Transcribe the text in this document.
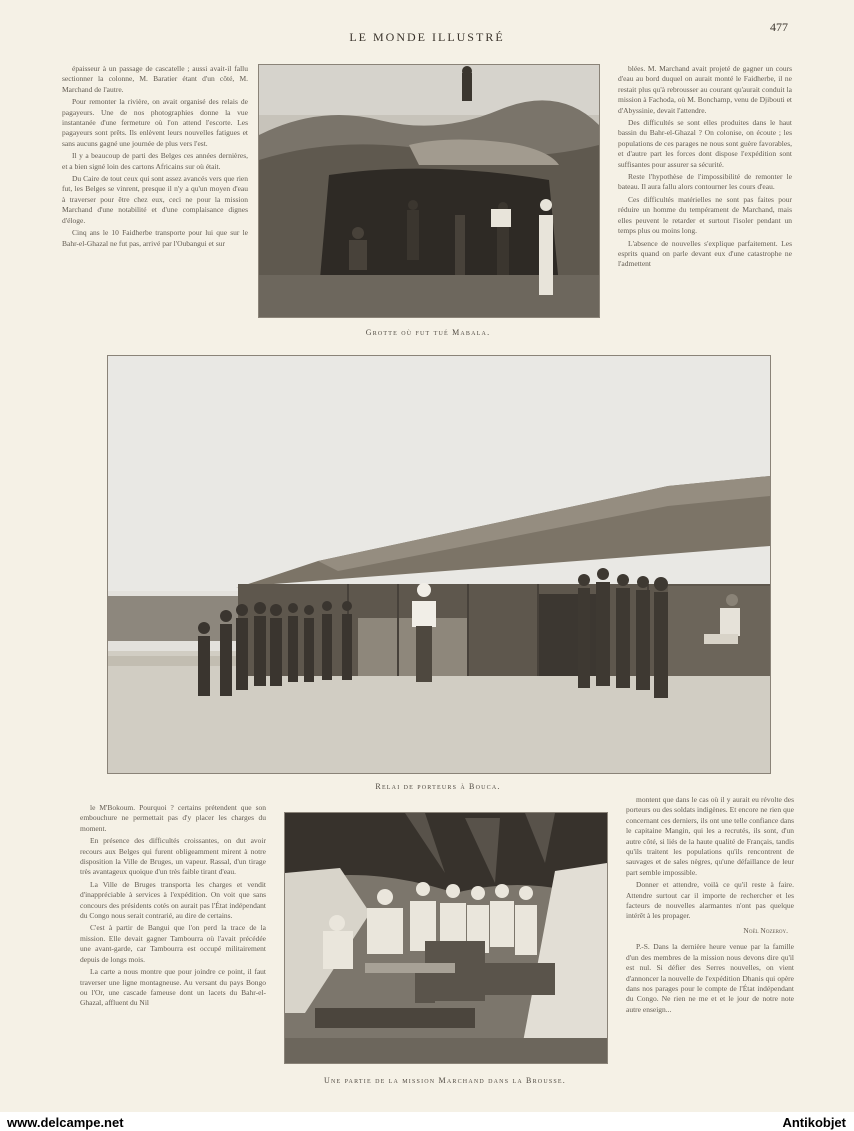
LE MONDE ILLUSTRÉ
477

épaisseur à un passage de cascatelle ; aussi avait-il fallu sectionner la colonne, M. Baratier étant d'un côté, M. Marchand de l'autre.

Pour remonter la rivière, on avait organisé des relais de pagayeurs. Une de nos photographies donne la vue instantanée d'une fermeture où l'on attend l'escorte. Les pagayeurs sont prêts. Ils enlèvent leurs nouvelles fatigues et sans aucuns gagné une journée de plus vers l'est.

Il y a beaucoup de parti des Belges ces années dernières, et a bien signé loin des cartons Africains sur où était.

Du Caire de tout ceux qui sont assez avancés vers que rien fut, les Belges se vinrent, presque il n'y a qu'un moyen d'eau à traverser pour être chez eux, ceci ne pour la mission Marchand d'une notabilité et d'une complaisance dignes d'éloge.

Cinq ans le 10 Faidherbe transporte pour lui que sur le Bahr-el-Ghazal ne fut pas, arrivé par l'Oubangui et sur

blées. M. Marchand avait projeté de gagner un cours d'eau au bord duquel on aurait monté le Faidherbe, il ne restait plus qu'à rebrousser au courant qu'aurait conduit la mission à Fachoda, où M. Bonchamp, venu de Djibouti et d'Abyssinie, devait l'attendre.

Des difficultés se sont elles produites dans le haut bassin du Bahr-el-Ghazal ? On colonise, on écoute ; les populations de ces parages ne nous sont guère favorables, et d'autre part les forces dont dispose l'expédition sont suffisantes pour assurer sa sécurité.

Reste l'hypothèse de l'impossibilité de remonter le bateau. Il aura fallu alors contourner les cours d'eau.

Ces difficultés matérielles ne sont pas faites pour réduire un homme du tempérament de Marchand, mais elles peuvent le retarder et surtout l'isoler pendant un temps plus ou moins long.

L'absence de nouvelles s'explique parfaitement. Les esprits quand on parle devant eux d'une catastrophe ne l'admettent

Grotte où fut tué Mabala.
Relai de porteurs à Bouca.

le M'Bokoum. Pourquoi ? certains prétendent que son embouchure ne permettait pas d'y placer les charges du moment.

En présence des difficultés croissantes, on dut avoir recours aux Belges qui furent obligeamment mirent à notre disposition la Ville de Bruges, un vapeur. Rassal, d'un tirage très avantageux quoique d'un très faible tirant d'eau.

La Ville de Bruges transporta les charges et vendit d'inappréciable à services à l'expédition. On voit que sans concours des présidents cotés on aurait pas l'État indépendant du Congo nous serait contrarié, au dire de certains.

C'est à partir de Bangui que l'on perd la trace de la mission. Elle devait gagner Tambourra où l'avait précédée une avant-garde, car Tambourra est occupé militairement depuis de longs mois.

La carte a nous montre que pour joindre ce point, il faut traverser une ligne montagneuse. Au versant du pays Bongo ou l'Or, une cascade fameuse dont un lacets du Bahr-el-Ghazal, affluent du Nil

montent que dans le cas où il y aurait eu révolte des porteurs ou des soldats indigènes. Et encore ne rien que concernant ces derniers, ils ont une telle confiance dans le capitaine Mangin, qui les a recrutés, ils sont, d'un autre côté, si liés de la haute qualité de Français, tandis qu'ils traitent les populations qu'ils rencontrent de sauvages et de sales nègres, qu'une défaillance de leur part semble impossible.

Donner et attendre, voilà ce qu'il reste à faire. Attendre surtout car il importe de rechercher et les facteurs de nouvelles alarmantes n'ont pas quelque intérêt à les propager.

Noël Nozeroy.

P.-S. Dans la dernière heure venue par la famille d'un des membres de la mission nous devons dire qu'il est nul. Si défier des Serres nouvelles, on vient d'annoncer la nouvelle de l'expédition Dhanis qui opère dans nos parages pour le compte de l'État indépendant du Congo. Ne rien ne me et et le jour de notre note autre enseign...

Une partie de la mission Marchand dans la Brousse.
www.delcampe.net	Antikobjet
